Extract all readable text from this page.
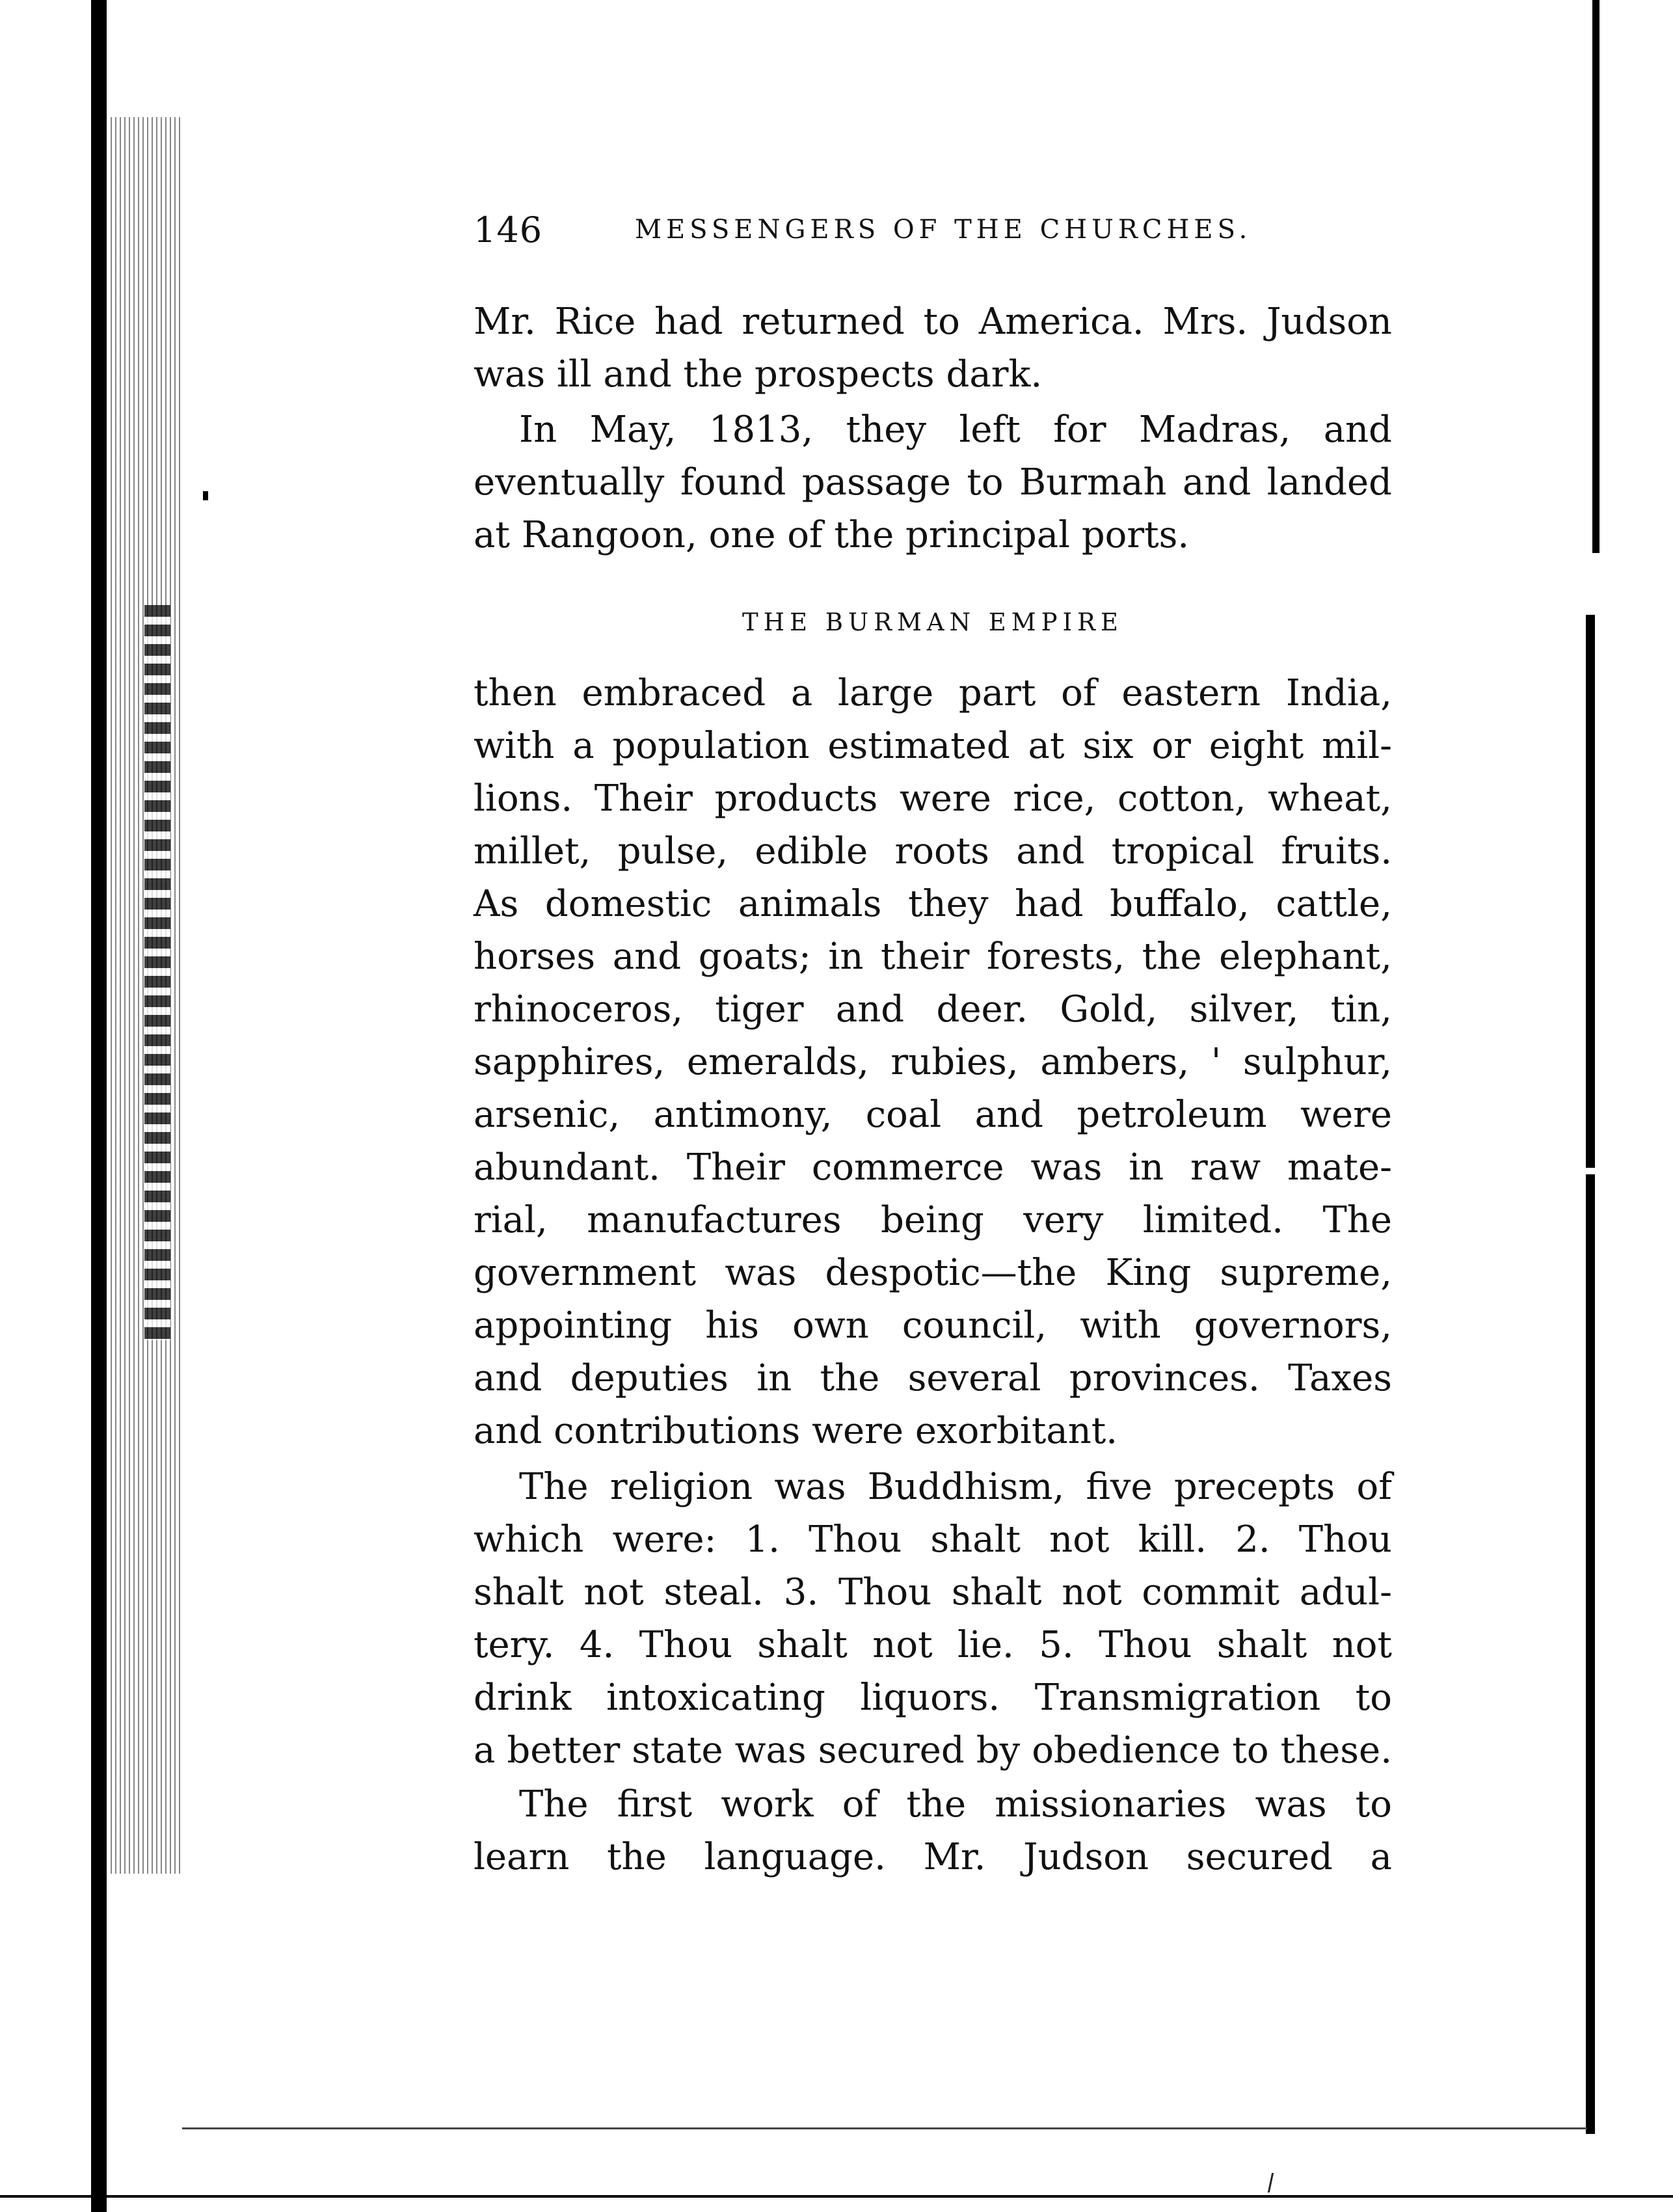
146	MESSENGERS OF THE CHURCHES.
Mr. Rice had returned to America. Mrs. Judson
was ill and the prospects dark.
In May, 1813, they left for Madras, and
eventually found passage to Burmah and landed
at Rangoon, one of the principal ports.
THE BURMAN EMPIRE
then embraced a large part of eastern India,
with a population estimated at six or eight mil-
lions. Their products were rice, cotton, wheat,
millet, pulse, edible roots and tropical fruits.
As domestic animals they had buffalo, cattle,
horses and goats; in their forests, the elephant,
rhinoceros, tiger and deer. Gold, silver, tin,
sapphires, emeralds, rubies, ambers, ' sulphur,
arsenic, antimony, coal and petroleum were
abundant. Their commerce was in raw mate-
rial, manufactures being very limited. The
government was despotic—the King supreme,
appointing his own council, with governors,
and deputies in the several provinces. Taxes
and contributions were exorbitant.
The religion was Buddhism, five precepts of
which were: 1. Thou shalt not kill. 2. Thou
shalt not steal. 3. Thou shalt not commit adul-
tery. 4. Thou shalt not lie. 5. Thou shalt not
drink intoxicating liquors. Transmigration to
a better state was secured by obedience to these.
The first work of the missionaries was to
learn the language. Mr. Judson secured a
